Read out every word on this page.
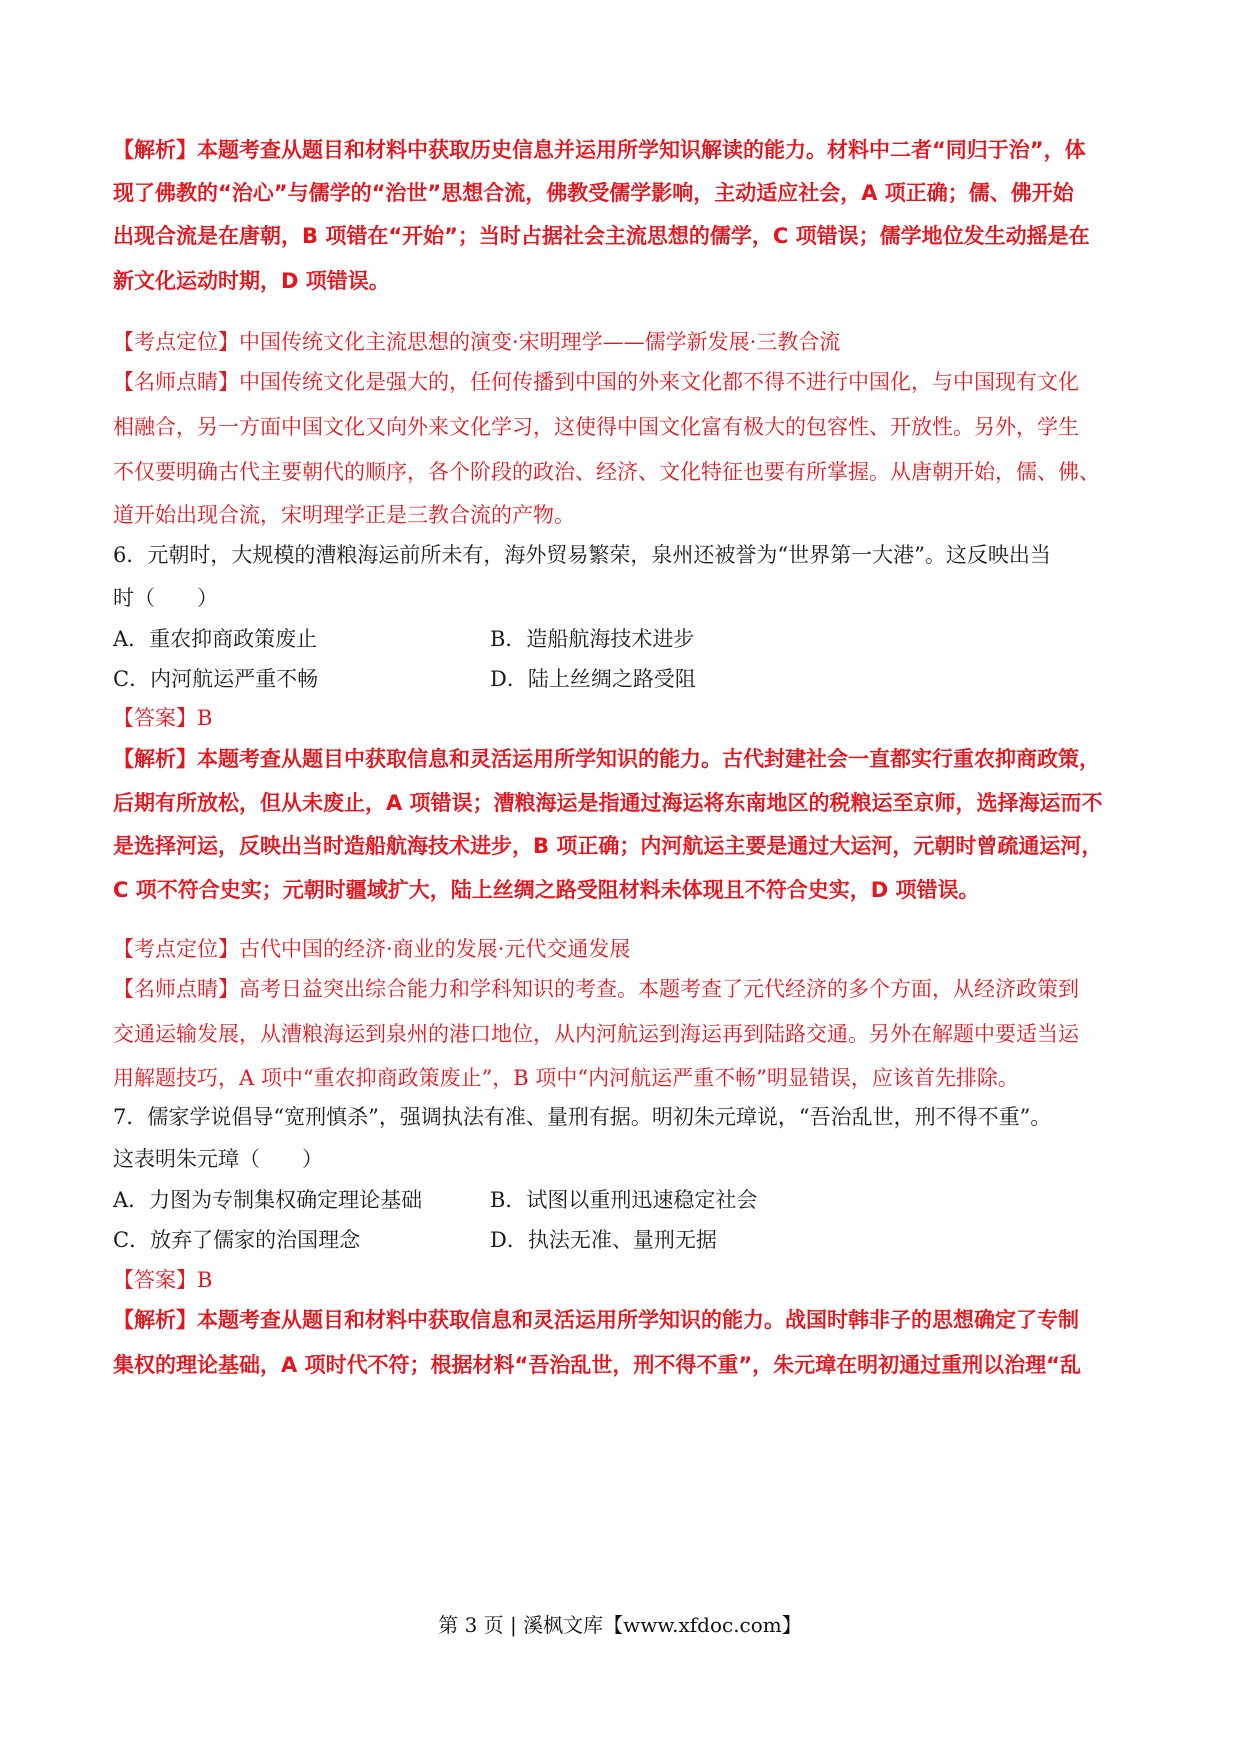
【解析】本题考查从题目和材料中获取历史信息并运用所学知识解读的能力。材料中二者“同归于治”，体
现了佛教的“治心”与儒学的“治世”思想合流，佛教受儒学影响，主动适应社会，A 项正确；儒、佛开始
出现合流是在唐朝，B 项错在“开始”；当时占据社会主流思想的儒学，C 项错误；儒学地位发生动摇是在
新文化运动时期，D 项错误。
【考点定位】中国传统文化主流思想的演变·宋明理学——儒学新发展·三教合流
【名师点睛】中国传统文化是强大的，任何传播到中国的外来文化都不得不进行中国化，与中国现有文化
相融合，另一方面中国文化又向外来文化学习，这使得中国文化富有极大的包容性、开放性。另外，学生
不仅要明确古代主要朝代的顺序，各个阶段的政治、经济、文化特征也要有所掌握。从唐朝开始，儒、佛、
道开始出现合流，宋明理学正是三教合流的产物。
6．元朝时，大规模的漕粮海运前所未有，海外贸易繁荣，泉州还被誉为“世界第一大港”。这反映出当
时（　　）
A．重农抑商政策废止	B．造船航海技术进步
C．内河航运严重不畅	D．陆上丝绸之路受阻
【答案】B
【解析】本题考查从题目中获取信息和灵活运用所学知识的能力。古代封建社会一直都实行重农抑商政策，
后期有所放松，但从未废止，A 项错误；漕粮海运是指通过海运将东南地区的税粮运至京师，选择海运而不
是选择河运，反映出当时造船航海技术进步，B 项正确；内河航运主要是通过大运河，元朝时曾疏通运河，
C 项不符合史实；元朝时疆域扩大，陆上丝绸之路受阻材料未体现且不符合史实，D 项错误。
【考点定位】古代中国的经济·商业的发展·元代交通发展
【名师点睛】高考日益突出综合能力和学科知识的考查。本题考查了元代经济的多个方面，从经济政策到
交通运输发展，从漕粮海运到泉州的港口地位，从内河航运到海运再到陆路交通。另外在解题中要适当运
用解题技巧，A 项中“重农抑商政策废止”，B 项中“内河航运严重不畅”明显错误，应该首先排除。
7．儒家学说倡导“宽刑慎杀”，强调执法有准、量刑有据。明初朱元璋说，“吾治乱世，刑不得不重”。
这表明朱元璋（　　）
A．力图为专制集权确定理论基础	B．试图以重刑迅速稳定社会
C．放弃了儒家的治国理念	D．执法无准、量刑无据
【答案】B
【解析】本题考查从题目和材料中获取信息和灵活运用所学知识的能力。战国时韩非子的思想确定了专制
集权的理论基础，A 项时代不符；根据材料“吾治乱世，刑不得不重”，朱元璋在明初通过重刑以治理“乱
第 3 页 | 溪枫文库【www.xfdoc.com】
